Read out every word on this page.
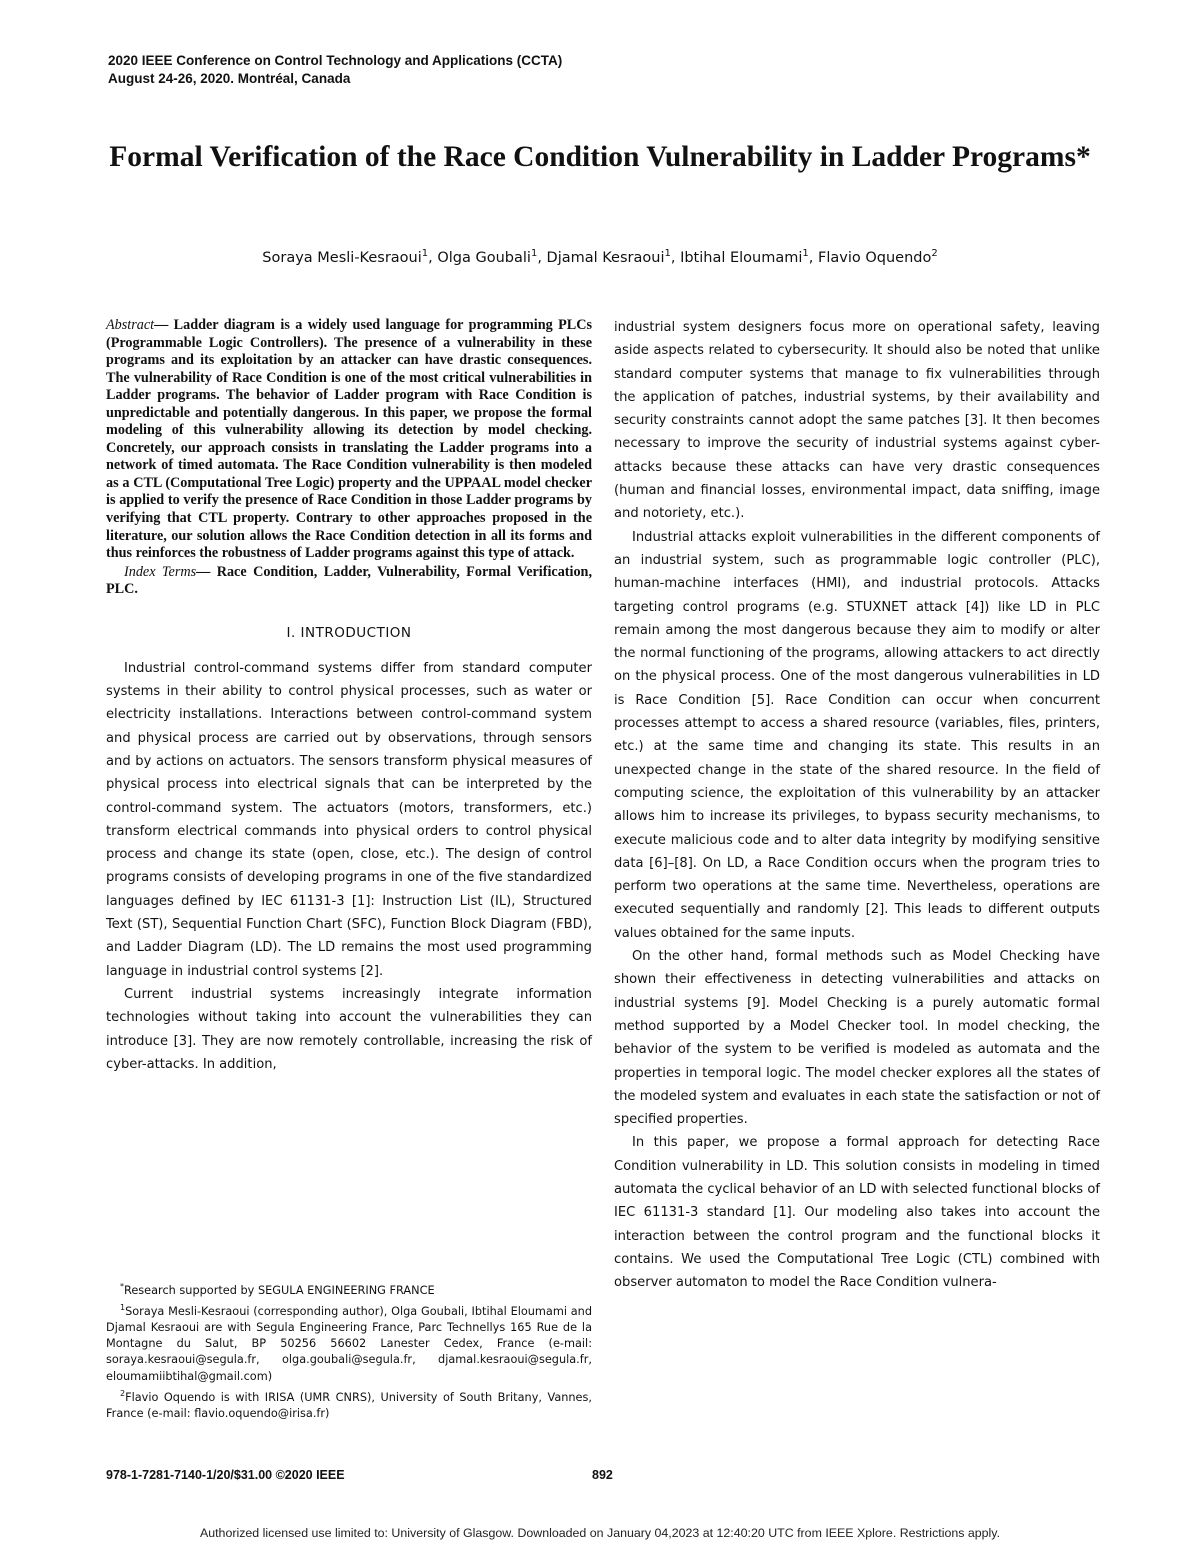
2020 IEEE Conference on Control Technology and Applications (CCTA)
August 24-26, 2020. Montréal, Canada
Formal Verification of the Race Condition Vulnerability in Ladder Programs*
Soraya Mesli-Kesraoui$^1$, Olga Goubali$^1$, Djamal Kesraoui$^1$, Ibtihal Eloumami$^1$, Flavio Oquendo$^2$

Abstract— Ladder diagram is a widely used language for programming PLCs (Programmable Logic Controllers). The presence of a vulnerability in these programs and its exploitation by an attacker can have drastic consequences. The vulnerability of Race Condition is one of the most critical vulnerabilities in Ladder programs. The behavior of Ladder program with Race Condition is unpredictable and potentially dangerous. In this paper, we propose the formal modeling of this vulnerability allowing its detection by model checking. Concretely, our approach consists in translating the Ladder programs into a network of timed automata. The Race Condition vulnerability is then modeled as a CTL (Computational Tree Logic) property and the UPPAAL model checker is applied to verify the presence of Race Condition in those Ladder programs by verifying that CTL property. Contrary to other approaches proposed in the literature, our solution allows the Race Condition detection in all its forms and thus reinforces the robustness of Ladder programs against this type of attack.

Index Terms— Race Condition, Ladder, Vulnerability, Formal Verification, PLC.

I. INTRODUCTION

Industrial control-command systems differ from standard computer systems in their ability to control physical processes, such as water or electricity installations. Interactions between control-command system and physical process are carried out by observations, through sensors and by actions on actuators. The sensors transform physical measures of physical process into electrical signals that can be interpreted by the control-command system. The actuators (motors, transformers, etc.) transform electrical commands into physical orders to control physical process and change its state (open, close, etc.). The design of control programs consists of developing programs in one of the five standardized languages defined by IEC 61131-3 [1]: Instruction List (IL), Structured Text (ST), Sequential Function Chart (SFC), Function Block Diagram (FBD), and Ladder Diagram (LD). The LD remains the most used programming language in industrial control systems [2].

Current industrial systems increasingly integrate information technologies without taking into account the vulnerabilities they can introduce [3]. They are now remotely controllable, increasing the risk of cyber-attacks. In addition,

*Research supported by SEGULA ENGINEERING FRANCE

$^1$Soraya Mesli-Kesraoui (corresponding author), Olga Goubali, Ibtihal Eloumami and Djamal Kesraoui are with Segula Engineering France, Parc Technellys 165 Rue de la Montagne du Salut, BP 50256 56602 Lanester Cedex, France (e-mail: soraya.kesraoui@segula.fr, olga.goubali@segula.fr, djamal.kesraoui@segula.fr, eloumamiibtihal@gmail.com)

$^2$Flavio Oquendo is with IRISA (UMR CNRS), University of South Britany, Vannes, France (e-mail: flavio.oquendo@irisa.fr)

industrial system designers focus more on operational safety, leaving aside aspects related to cybersecurity. It should also be noted that unlike standard computer systems that manage to fix vulnerabilities through the application of patches, industrial systems, by their availability and security constraints cannot adopt the same patches [3]. It then becomes necessary to improve the security of industrial systems against cyber-attacks because these attacks can have very drastic consequences (human and financial losses, environmental impact, data sniffing, image and notoriety, etc.).

Industrial attacks exploit vulnerabilities in the different components of an industrial system, such as programmable logic controller (PLC), human-machine interfaces (HMI), and industrial protocols. Attacks targeting control programs (e.g. STUXNET attack [4]) like LD in PLC remain among the most dangerous because they aim to modify or alter the normal functioning of the programs, allowing attackers to act directly on the physical process. One of the most dangerous vulnerabilities in LD is Race Condition [5]. Race Condition can occur when concurrent processes attempt to access a shared resource (variables, files, printers, etc.) at the same time and changing its state. This results in an unexpected change in the state of the shared resource. In the field of computing science, the exploitation of this vulnerability by an attacker allows him to increase its privileges, to bypass security mechanisms, to execute malicious code and to alter data integrity by modifying sensitive data [6]–[8]. On LD, a Race Condition occurs when the program tries to perform two operations at the same time. Nevertheless, operations are executed sequentially and randomly [2]. This leads to different outputs values obtained for the same inputs.

On the other hand, formal methods such as Model Checking have shown their effectiveness in detecting vulnerabilities and attacks on industrial systems [9]. Model Checking is a purely automatic formal method supported by a Model Checker tool. In model checking, the behavior of the system to be verified is modeled as automata and the properties in temporal logic. The model checker explores all the states of the modeled system and evaluates in each state the satisfaction or not of specified properties.

In this paper, we propose a formal approach for detecting Race Condition vulnerability in LD. This solution consists in modeling in timed automata the cyclical behavior of an LD with selected functional blocks of IEC 61131-3 standard [1]. Our modeling also takes into account the interaction between the control program and the functional blocks it contains. We used the Computational Tree Logic (CTL) combined with observer automaton to model the Race Condition vulnera-

978-1-7281-7140-1/20/$31.00 ©2020 IEEE	892
Authorized licensed use limited to: University of Glasgow. Downloaded on January 04,2023 at 12:40:20 UTC from IEEE Xplore. Restrictions apply.
